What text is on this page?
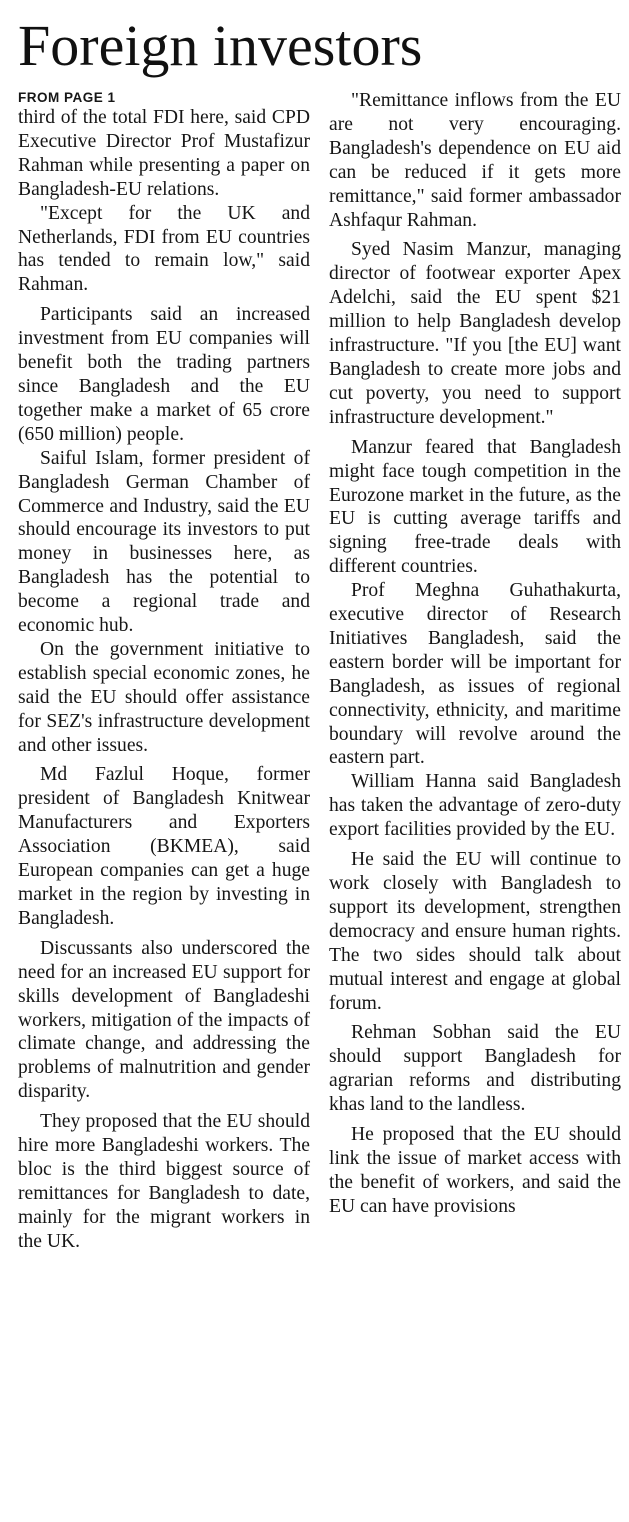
Foreign investors
FROM PAGE 1

third of the total FDI here, said CPD Executive Director Prof Mustafizur Rahman while presenting a paper on Bangladesh-EU relations.

"Except for the UK and Netherlands, FDI from EU countries has tended to remain low," said Rahman.

Participants said an increased investment from EU companies will benefit both the trading partners since Bangladesh and the EU together make a market of 65 crore (650 million) people.

Saiful Islam, former president of Bangladesh German Chamber of Commerce and Industry, said the EU should encourage its investors to put money in businesses here, as Bangladesh has the potential to become a regional trade and economic hub.

On the government initiative to establish special economic zones, he said the EU should offer assistance for SEZ's infrastructure development and other issues.

Md Fazlul Hoque, former president of Bangladesh Knitwear Manufacturers and Exporters Association (BKMEA), said European companies can get a huge market in the region by investing in Bangladesh.

Discussants also underscored the need for an increased EU support for skills development of Bangladeshi workers, mitigation of the impacts of climate change, and addressing the problems of malnutrition and gender disparity.

They proposed that the EU should hire more Bangladeshi workers. The bloc is the third biggest source of remittances for Bangladesh to date, mainly for the migrant workers in the UK.

"Remittance inflows from the EU are not very encouraging. Bangladesh's dependence on EU aid can be reduced if it gets more remittance," said former ambassador Ashfaqur Rahman.

Syed Nasim Manzur, managing director of footwear exporter Apex Adelchi, said the EU spent $21 million to help Bangladesh develop infrastructure. "If you [the EU] want Bangladesh to create more jobs and cut poverty, you need to support infrastructure development."

Manzur feared that Bangladesh might face tough competition in the Eurozone market in the future, as the EU is cutting average tariffs and signing free-trade deals with different countries.

Prof Meghna Guhathakurta, executive director of Research Initiatives Bangladesh, said the eastern border will be important for Bangladesh, as issues of regional connectivity, ethnicity, and maritime boundary will revolve around the eastern part.

William Hanna said Bangladesh has taken the advantage of zero-duty export facilities provided by the EU.

He said the EU will continue to work closely with Bangladesh to support its development, strengthen democracy and ensure human rights. The two sides should talk about mutual interest and engage at global forum.

Rehman Sobhan said the EU should support Bangladesh for agrarian reforms and distributing khas land to the landless.

He proposed that the EU should link the issue of market access with the benefit of workers, and said the EU can have provisions
